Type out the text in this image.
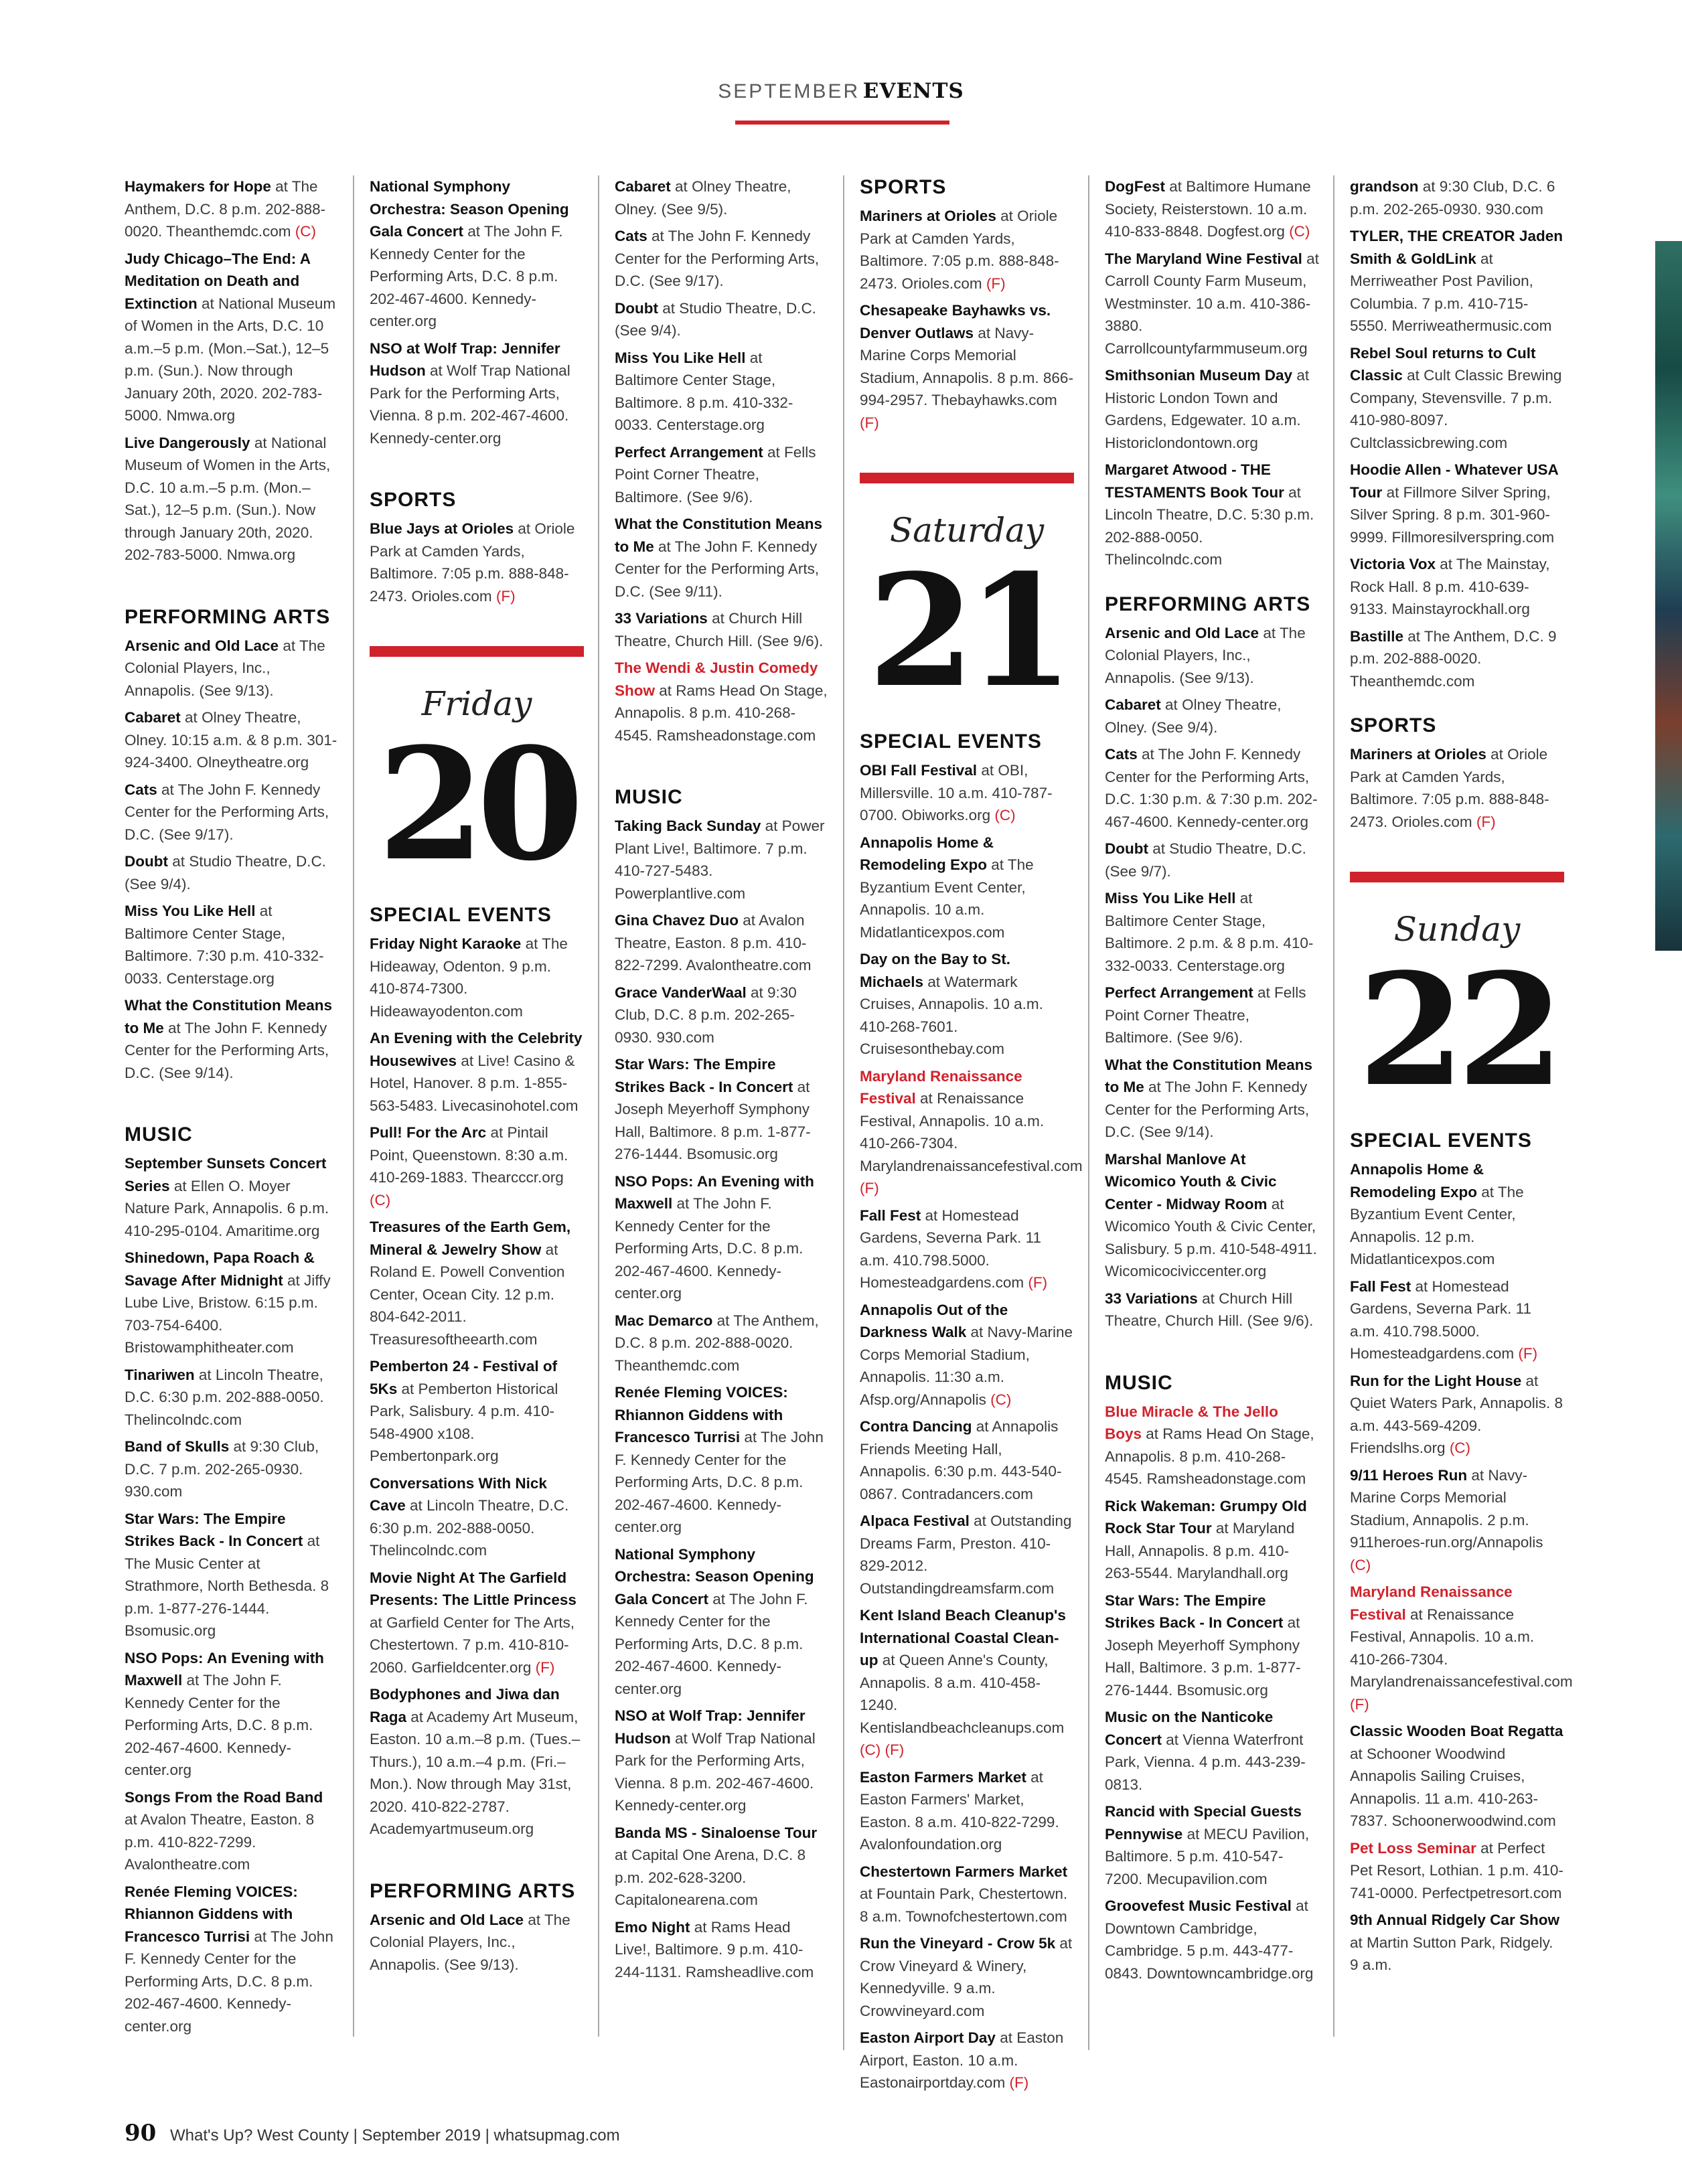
SEPTEMBER EVENTS
Haymakers for Hope at The Anthem, D.C. 8 p.m. 202-888-0020. Theanthemdc.com (C)
Judy Chicago–The End: A Meditation on Death and Extinction at National Museum of Women in the Arts, D.C. 10 a.m.–5 p.m. (Mon.–Sat.), 12–5 p.m. (Sun.). Now through January 20th, 2020. 202-783-5000. Nmwa.org
Live Dangerously at National Museum of Women in the Arts, D.C. 10 a.m.–5 p.m. (Mon.–Sat.), 12–5 p.m. (Sun.). Now through January 20th, 2020. 202-783-5000. Nmwa.org
PERFORMING ARTS
Arsenic and Old Lace at The Colonial Players, Inc., Annapolis. (See 9/13).
Cabaret at Olney Theatre, Olney. 10:15 a.m. & 8 p.m. 301-924-3400. Olneytheatre.org
Cats at The John F. Kennedy Center for the Performing Arts, D.C. (See 9/17).
Doubt at Studio Theatre, D.C. (See 9/4).
Miss You Like Hell at Baltimore Center Stage, Baltimore. 7:30 p.m. 410-332-0033. Centerstage.org
What the Constitution Means to Me at The John F. Kennedy Center for the Performing Arts, D.C. (See 9/14).
MUSIC
September Sunsets Concert Series at Ellen O. Moyer Nature Park, Annapolis. 6 p.m. 410-295-0104. Amaritime.org
Shinedown, Papa Roach & Savage After Midnight at Jiffy Lube Live, Bristow. 6:15 p.m. 703-754-6400. Bristowamphitheater.com
Tinariwen at Lincoln Theatre, D.C. 6:30 p.m. 202-888-0050. Thelincolndc.com
Band of Skulls at 9:30 Club, D.C. 7 p.m. 202-265-0930. 930.com
Star Wars: The Empire Strikes Back - In Concert at The Music Center at Strathmore, North Bethesda. 8 p.m. 1-877-276-1444. Bsomusic.org
NSO Pops: An Evening with Maxwell at The John F. Kennedy Center for the Performing Arts, D.C. 8 p.m. 202-467-4600. Kennedy-center.org
Songs From the Road Band at Avalon Theatre, Easton. 8 p.m. 410-822-7299. Avalontheatre.com
Renée Fleming VOICES: Rhiannon Giddens with Francesco Turrisi at The John F. Kennedy Center for the Performing Arts, D.C. 8 p.m. 202-467-4600. Kennedy-center.org
National Symphony Orchestra: Season Opening Gala Concert at The John F. Kennedy Center for the Performing Arts, D.C. 8 p.m. 202-467-4600. Kennedy-center.org
NSO at Wolf Trap: Jennifer Hudson at Wolf Trap National Park for the Performing Arts, Vienna. 8 p.m. 202-467-4600. Kennedy-center.org
SPORTS
Blue Jays at Orioles at Oriole Park at Camden Yards, Baltimore. 7:05 p.m. 888-848-2473. Orioles.com (F)
Friday
20
SPECIAL EVENTS
Friday Night Karaoke at The Hideaway, Odenton. 9 p.m. 410-874-7300. Hideawayodenton.com
An Evening with the Celebrity Housewives at Live! Casino & Hotel, Hanover. 8 p.m. 1-855-563-5483. Livecasinohotel.com
Pull! For the Arc at Pintail Point, Queenstown. 8:30 a.m. 410-269-1883. Thearcccr.org (C)
Treasures of the Earth Gem, Mineral & Jewelry Show at Roland E. Powell Convention Center, Ocean City. 12 p.m. 804-642-2011. Treasuresoftheearth.com
Pemberton 24 - Festival of 5Ks at Pemberton Historical Park, Salisbury. 4 p.m. 410-548-4900 x108. Pembertonpark.org
Conversations With Nick Cave at Lincoln Theatre, D.C. 6:30 p.m. 202-888-0050. Thelincolndc.com
Movie Night At The Garfield Presents: The Little Princess at Garfield Center for The Arts, Chestertown. 7 p.m. 410-810-2060. Garfieldcenter.org (F)
Bodyphones and Jiwa dan Raga at Academy Art Museum, Easton. 10 a.m.–8 p.m. (Tues.–Thurs.), 10 a.m.–4 p.m. (Fri.–Mon.). Now through May 31st, 2020. 410-822-2787. Academyartmuseum.org
PERFORMING ARTS
Arsenic and Old Lace at The Colonial Players, Inc., Annapolis. (See 9/13).
Cabaret at Olney Theatre, Olney. (See 9/5).
Cats at The John F. Kennedy Center for the Performing Arts, D.C. (See 9/17).
Doubt at Studio Theatre, D.C. (See 9/4).
Miss You Like Hell at Baltimore Center Stage, Baltimore. 8 p.m. 410-332-0033. Centerstage.org
Perfect Arrangement at Fells Point Corner Theatre, Baltimore. (See 9/6).
What the Constitution Means to Me at The John F. Kennedy Center for the Performing Arts, D.C. (See 9/11).
33 Variations at Church Hill Theatre, Church Hill. (See 9/6).
The Wendi & Justin Comedy Show at Rams Head On Stage, Annapolis. 8 p.m. 410-268-4545. Ramsheadonstage.com
MUSIC
Taking Back Sunday at Power Plant Live!, Baltimore. 7 p.m. 410-727-5483. Powerplantlive.com
Gina Chavez Duo at Avalon Theatre, Easton. 8 p.m. 410-822-7299. Avalontheatre.com
Grace VanderWaal at 9:30 Club, D.C. 8 p.m. 202-265-0930. 930.com
Star Wars: The Empire Strikes Back - In Concert at Joseph Meyerhoff Symphony Hall, Baltimore. 8 p.m. 1-877-276-1444. Bsomusic.org
NSO Pops: An Evening with Maxwell at The John F. Kennedy Center for the Performing Arts, D.C. 8 p.m. 202-467-4600. Kennedy-center.org
Mac Demarco at The Anthem, D.C. 8 p.m. 202-888-0020. Theanthemdc.com
Renée Fleming VOICES: Rhiannon Giddens with Francesco Turrisi at The John F. Kennedy Center for the Performing Arts, D.C. 8 p.m. 202-467-4600. Kennedy-center.org
National Symphony Orchestra: Season Opening Gala Concert at The John F. Kennedy Center for the Performing Arts, D.C. 8 p.m. 202-467-4600. Kennedy-center.org
NSO at Wolf Trap: Jennifer Hudson at Wolf Trap National Park for the Performing Arts, Vienna. 8 p.m. 202-467-4600. Kennedy-center.org
Banda MS - Sinaloense Tour at Capital One Arena, D.C. 8 p.m. 202-628-3200. Capitalonearena.com
Emo Night at Rams Head Live!, Baltimore. 9 p.m. 410-244-1131. Ramsheadlive.com
SPORTS
Mariners at Orioles at Oriole Park at Camden Yards, Baltimore. 7:05 p.m. 888-848-2473. Orioles.com (F)
Chesapeake Bayhawks vs. Denver Outlaws at Navy-Marine Corps Memorial Stadium, Annapolis. 8 p.m. 866-994-2957. Thebayhawks.com (F)
Saturday
21
SPECIAL EVENTS
OBI Fall Festival at OBI, Millersville. 10 a.m. 410-787-0700. Obiworks.org (C)
Annapolis Home & Remodeling Expo at The Byzantium Event Center, Annapolis. 10 a.m. Midatlanticexpos.com
Day on the Bay to St. Michaels at Watermark Cruises, Annapolis. 10 a.m. 410-268-7601. Cruisesonthebay.com
Maryland Renaissance Festival at Renaissance Festival, Annapolis. 10 a.m. 410-266-7304. Marylandrenaissancefestival.com (F)
Fall Fest at Homestead Gardens, Severna Park. 11 a.m. 410.798.5000. Homesteadgardens.com (F)
Annapolis Out of the Darkness Walk at Navy-Marine Corps Memorial Stadium, Annapolis. 11:30 a.m. Afsp.org/Annapolis (C)
Contra Dancing at Annapolis Friends Meeting Hall, Annapolis. 6:30 p.m. 443-540-0867. Contradancers.com
Alpaca Festival at Outstanding Dreams Farm, Preston. 410-829-2012. Outstandingdreamsfarm.com
Kent Island Beach Cleanup's International Coastal Clean-up at Queen Anne's County, Annapolis. 8 a.m. 410-458-1240. Kentislandbeachcleanups.com (C) (F)
Easton Farmers Market at Easton Farmers' Market, Easton. 8 a.m. 410-822-7299. Avalonfoundation.org
Chestertown Farmers Market at Fountain Park, Chestertown. 8 a.m. Townofchestertown.com
Run the Vineyard - Crow 5k at Crow Vineyard & Winery, Kennedyville. 9 a.m. Crowvineyard.com
Easton Airport Day at Easton Airport, Easton. 10 a.m. Eastonairportday.com (F)
DogFest at Baltimore Humane Society, Reisterstown. 10 a.m. 410-833-8848. Dogfest.org (C)
The Maryland Wine Festival at Carroll County Farm Museum, Westminster. 10 a.m. 410-386-3880. Carrollcountyfarmmuseum.org
Smithsonian Museum Day at Historic London Town and Gardens, Edgewater. 10 a.m. Historiclondontown.org
Margaret Atwood - THE TESTAMENTS Book Tour at Lincoln Theatre, D.C. 5:30 p.m. 202-888-0050. Thelincolndc.com
PERFORMING ARTS
Arsenic and Old Lace at The Colonial Players, Inc., Annapolis. (See 9/13).
Cabaret at Olney Theatre, Olney. (See 9/4).
Cats at The John F. Kennedy Center for the Performing Arts, D.C. 1:30 p.m. & 7:30 p.m. 202-467-4600. Kennedy-center.org
Doubt at Studio Theatre, D.C. (See 9/7).
Miss You Like Hell at Baltimore Center Stage, Baltimore. 2 p.m. & 8 p.m. 410-332-0033. Centerstage.org
Perfect Arrangement at Fells Point Corner Theatre, Baltimore. (See 9/6).
What the Constitution Means to Me at The John F. Kennedy Center for the Performing Arts, D.C. (See 9/14).
Marshal Manlove At Wicomico Youth & Civic Center - Midway Room at Wicomico Youth & Civic Center, Salisbury. 5 p.m. 410-548-4911. Wicomicociviccenter.org
33 Variations at Church Hill Theatre, Church Hill. (See 9/6).
MUSIC
Blue Miracle & The Jello Boys at Rams Head On Stage, Annapolis. 8 p.m. 410-268-4545. Ramsheadonstage.com
Rick Wakeman: Grumpy Old Rock Star Tour at Maryland Hall, Annapolis. 8 p.m. 410-263-5544. Marylandhall.org
Star Wars: The Empire Strikes Back - In Concert at Joseph Meyerhoff Symphony Hall, Baltimore. 3 p.m. 1-877-276-1444. Bsomusic.org
Music on the Nanticoke Concert at Vienna Waterfront Park, Vienna. 4 p.m. 443-239-0813.
Rancid with Special Guests Pennywise at MECU Pavilion, Baltimore. 5 p.m. 410-547-7200. Mecupavilion.com
Groovefest Music Festival at Downtown Cambridge, Cambridge. 5 p.m. 443-477-0843. Downtowncambridge.org
grandson at 9:30 Club, D.C. 6 p.m. 202-265-0930. 930.com
TYLER, THE CREATOR Jaden Smith & GoldLink at Merriweather Post Pavilion, Columbia. 7 p.m. 410-715-5550. Merriweathermusic.com
Rebel Soul returns to Cult Classic at Cult Classic Brewing Company, Stevensville. 7 p.m. 410-980-8097. Cultclassicbrewing.com
Hoodie Allen - Whatever USA Tour at Fillmore Silver Spring, Silver Spring. 8 p.m. 301-960-9999. Fillmoresilverspring.com
Victoria Vox at The Mainstay, Rock Hall. 8 p.m. 410-639-9133. Mainstayrockhall.org
Bastille at The Anthem, D.C. 9 p.m. 202-888-0020. Theanthemdc.com
SPORTS
Mariners at Orioles at Oriole Park at Camden Yards, Baltimore. 7:05 p.m. 888-848-2473. Orioles.com (F)
Sunday
22
SPECIAL EVENTS
Annapolis Home & Remodeling Expo at The Byzantium Event Center, Annapolis. 12 p.m. Midatlanticexpos.com
Fall Fest at Homestead Gardens, Severna Park. 11 a.m. 410.798.5000. Homesteadgardens.com (F)
Run for the Light House at Quiet Waters Park, Annapolis. 8 a.m. 443-569-4209. Friendslhs.org (C)
9/11 Heroes Run at Navy-Marine Corps Memorial Stadium, Annapolis. 2 p.m. 911heroes-run.org/Annapolis (C)
Maryland Renaissance Festival at Renaissance Festival, Annapolis. 10 a.m. 410-266-7304. Marylandrenaissancefestival.com (F)
Classic Wooden Boat Regatta at Schooner Woodwind Annapolis Sailing Cruises, Annapolis. 11 a.m. 410-263-7837. Schoonerwoodwind.com
Pet Loss Seminar at Perfect Pet Resort, Lothian. 1 p.m. 410-741-0000. Perfectpetresort.com
9th Annual Ridgely Car Show at Martin Sutton Park, Ridgely. 9 a.m.
90 What's Up? West County | September 2019 | whatsupmag.com
